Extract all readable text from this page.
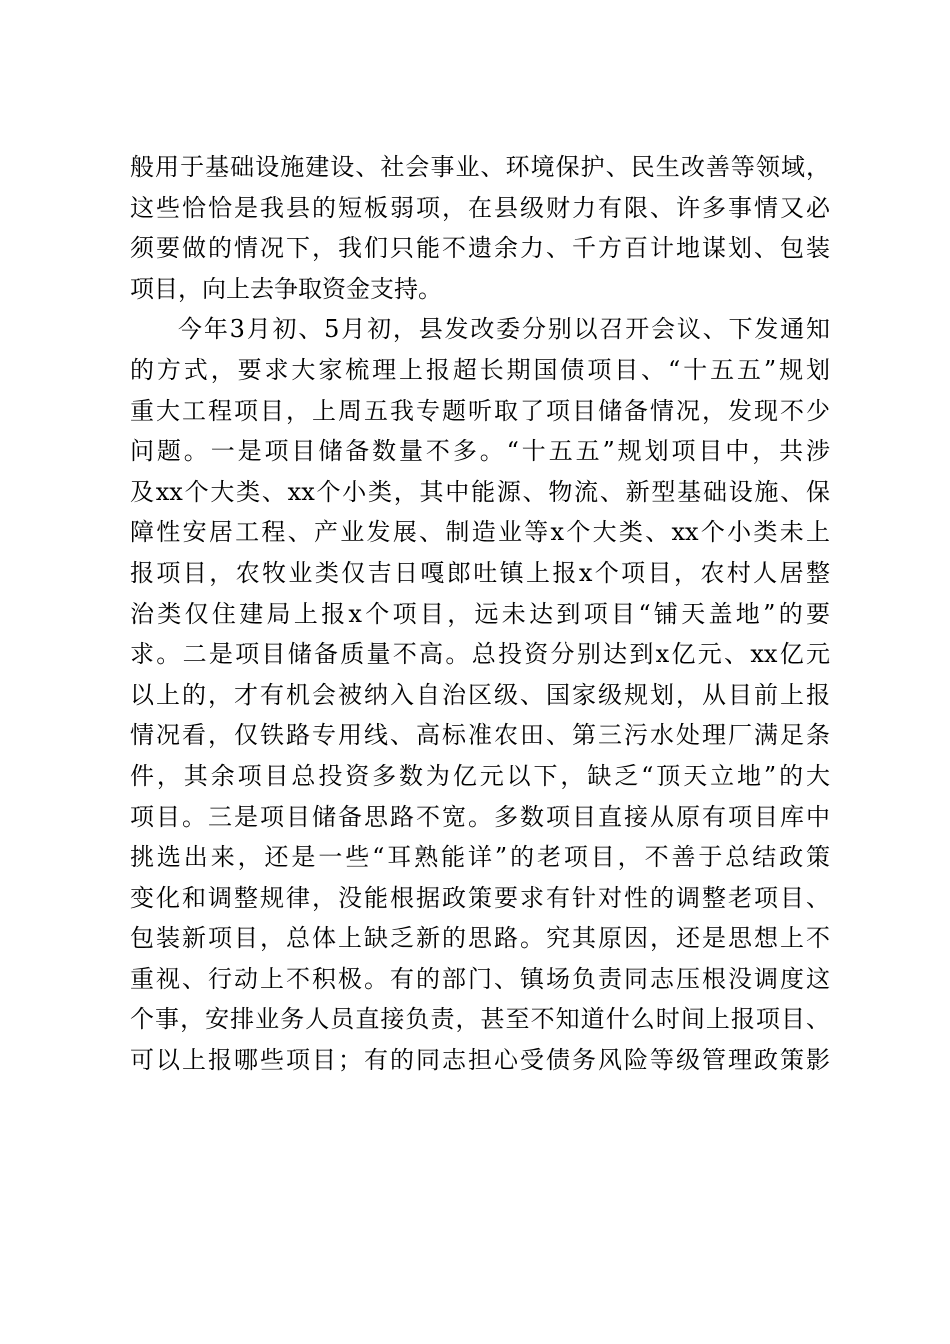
般用于基础设施建设、社会事业、环境保护、民生改善等领域，
这些恰恰是我县的短板弱项，在县级财力有限、许多事情又必
须要做的情况下，我们只能不遗余力、千方百计地谋划、包装
项目，向上去争取资金支持。
今年3月初、5月初，县发改委分别以召开会议、下发通知
的方式，要求大家梳理上报超长期国债项目、“十五五”规划
重大工程项目，上周五我专题听取了项目储备情况，发现不少
问题。一是项目储备数量不多。“十五五”规划项目中，共涉
及xx个大类、xx个小类，其中能源、物流、新型基础设施、保
障性安居工程、产业发展、制造业等x个大类、xx个小类未上
报项目，农牧业类仅吉日嘎郎吐镇上报x个项目，农村人居整
治类仅住建局上报x个项目，远未达到项目“铺天盖地”的要
求。二是项目储备质量不高。总投资分别达到x亿元、xx亿元
以上的，才有机会被纳入自治区级、国家级规划，从目前上报
情况看，仅铁路专用线、高标准农田、第三污水处理厂满足条
件，其余项目总投资多数为亿元以下，缺乏“顶天立地”的大
项目。三是项目储备思路不宽。多数项目直接从原有项目库中
挑选出来，还是一些“耳熟能详”的老项目，不善于总结政策
变化和调整规律，没能根据政策要求有针对性的调整老项目、
包装新项目，总体上缺乏新的思路。究其原因，还是思想上不
重视、行动上不积极。有的部门、镇场负责同志压根没调度这
个事，安排业务人员直接负责，甚至不知道什么时间上报项目、
可以上报哪些项目；有的同志担心受债务风险等级管理政策影
